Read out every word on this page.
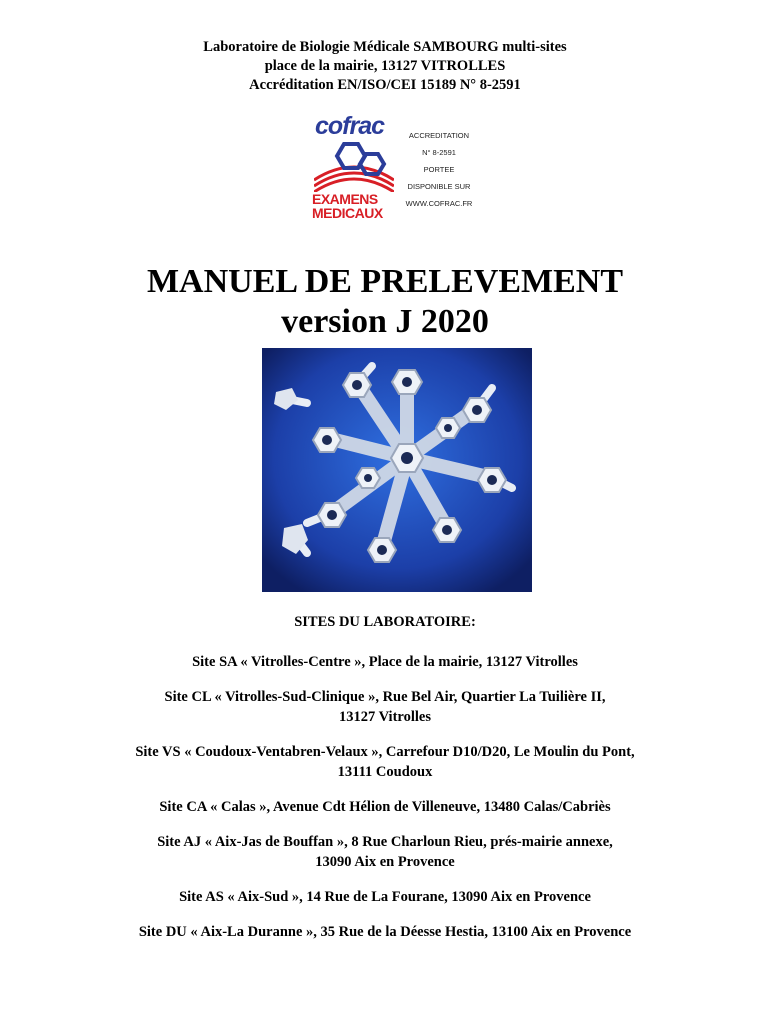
Laboratoire de Biologie Médicale SAMBOURG multi-sites
place de la mairie, 13127 VITROLLES
Accréditation EN/ISO/CEI 15189 N° 8-2591
cofrac
EXAMENS
MEDICAUX
ACCREDITATION
N° 8-2591
PORTEE
DISPONIBLE SUR
WWW.COFRAC.FR
MANUEL DE PRELEVEMENT
version J 2020
SITES DU LABORATOIRE:
Site SA « Vitrolles-Centre », Place de la mairie, 13127 Vitrolles
Site CL « Vitrolles-Sud-Clinique », Rue Bel Air, Quartier La Tuilière II,
13127 Vitrolles
Site VS « Coudoux-Ventabren-Velaux », Carrefour D10/D20, Le Moulin du Pont,
13111 Coudoux
Site CA « Calas », Avenue Cdt Hélion de Villeneuve, 13480 Calas/Cabriès
Site AJ « Aix-Jas de Bouffan », 8 Rue Charloun Rieu, prés-mairie annexe,
13090 Aix en Provence
Site AS « Aix-Sud », 14 Rue de La Fourane, 13090 Aix en Provence
Site DU « Aix-La Duranne », 35 Rue de la Déesse Hestia, 13100 Aix en Provence
